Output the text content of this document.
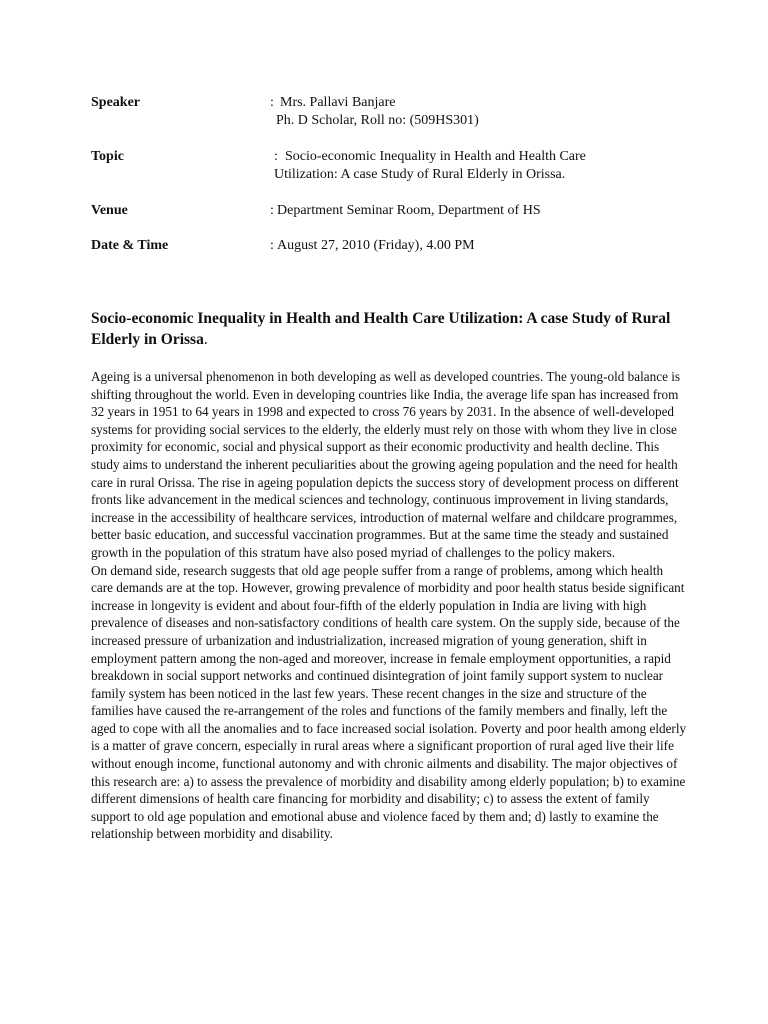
Speaker	: Mrs. Pallavi Banjare
Ph. D Scholar, Roll no: (509HS301)
Topic	: Socio-economic Inequality in Health and Health Care
Utilization: A case Study of Rural Elderly in Orissa.
Venue	: Department Seminar Room, Department of HS
Date & Time	: August 27, 2010 (Friday), 4.00 PM
Socio-economic Inequality in Health and Health Care Utilization: A case Study of Rural Elderly in Orissa.

Ageing is a universal phenomenon in both developing as well as developed countries. The young-old balance is shifting throughout the world. Even in developing countries like India, the average life span has increased from 32 years in 1951 to 64 years in 1998 and expected to cross 76 years by 2031. In the absence of well-developed systems for providing social services to the elderly, the elderly must rely on those with whom they live in close proximity for economic, social and physical support as their economic productivity and health decline. This study aims to understand the inherent peculiarities about the growing ageing population and the need for health care in rural Orissa. The rise in ageing population depicts the success story of development process on different fronts like advancement in the medical sciences and technology, continuous improvement in living standards, increase in the accessibility of healthcare services, introduction of maternal welfare and childcare programmes, better basic education, and successful vaccination programmes. But at the same time the steady and sustained growth in the population of this stratum have also posed myriad of challenges to the policy makers.

On demand side, research suggests that old age people suffer from a range of problems, among which health care demands are at the top. However, growing prevalence of morbidity and poor health status beside significant increase in longevity is evident and about four-fifth of the elderly population in India are living with high prevalence of diseases and non-satisfactory conditions of health care system. On the supply side, because of the increased pressure of urbanization and industrialization, increased migration of young generation, shift in employment pattern among the non-aged and moreover, increase in female employment opportunities, a rapid breakdown in social support networks and continued disintegration of joint family support system to nuclear family system has been noticed in the last few years. These recent changes in the size and structure of the families have caused the re-arrangement of the roles and functions of the family members and finally, left the aged to cope with all the anomalies and to face increased social isolation. Poverty and poor health among elderly is a matter of grave concern, especially in rural areas where a significant proportion of rural aged live their life without enough income, functional autonomy and with chronic ailments and disability. The major objectives of this research are: a) to assess the prevalence of morbidity and disability among elderly population; b) to examine different dimensions of health care financing for morbidity and disability; c) to assess the extent of family support to old age population and emotional abuse and violence faced by them and; d) lastly to examine the relationship between morbidity and disability.
